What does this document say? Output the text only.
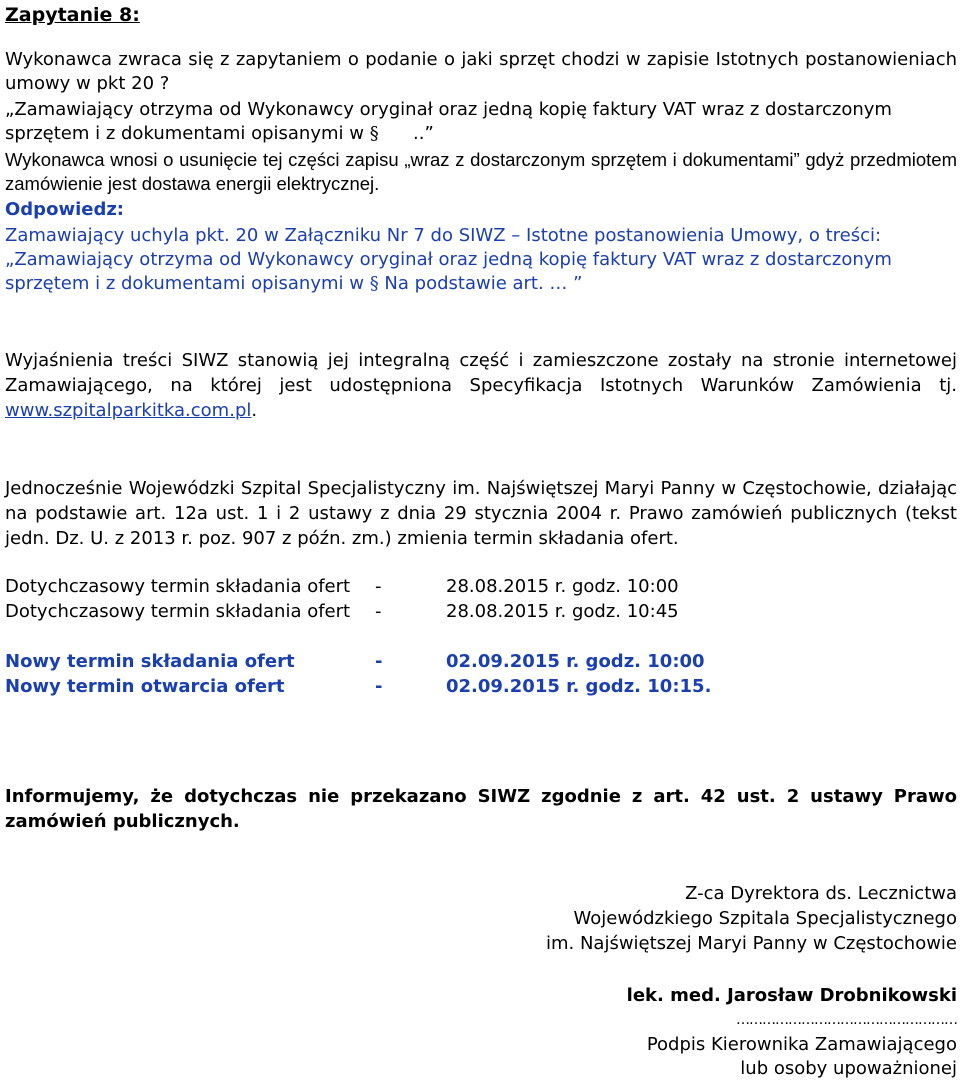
Zapytanie 8:
Wykonawca zwraca się z zapytaniem o podanie o jaki sprzęt chodzi w zapisie Istotnych postanowieniach umowy w pkt 20 ?
„Zamawiający otrzyma od Wykonawcy oryginał oraz jedną kopię faktury VAT wraz z dostarczonym sprzętem i z dokumentami opisanymi w §      ..”
Wykonawca wnosi o usunięcie tej części zapisu „wraz z dostarczonym sprzętem i dokumentami” gdyż przedmiotem zamówienie jest dostawa energii elektrycznej.
Odpowiedz:
Zamawiający uchyla pkt. 20 w Załączniku Nr 7 do SIWZ – Istotne postanowienia Umowy, o treści:
„Zamawiający otrzyma od Wykonawcy oryginał oraz jedną kopię faktury VAT wraz z dostarczonym sprzętem i z dokumentami opisanymi w § Na podstawie art. … ”
Wyjaśnienia treści SIWZ stanowią jej integralną część i zamieszczone zostały na stronie internetowej Zamawiającego, na której jest udostępniona Specyfikacja Istotnych Warunków Zamówienia tj. www.szpitalparkitka.com.pl.
Jednocześnie Wojewódzki Szpital Specjalistyczny im. Najświętszej Maryi Panny w Częstochowie, działając na podstawie art. 12a ust. 1 i 2 ustawy z dnia 29 stycznia 2004 r. Prawo zamówień publicznych (tekst jedn. Dz. U. z 2013 r. poz. 907 z późn. zm.) zmienia termin składania ofert.
Dotychczasowy termin składania ofert -	28.08.2015 r. godz. 10:00
Dotychczasowy termin składania ofert -	28.08.2015 r. godz. 10:45
Nowy termin składania ofert	-	02.09.2015 r. godz. 10:00
Nowy termin otwarcia ofert	-	02.09.2015 r. godz. 10:15.
Informujemy, że dotychczas nie przekazano SIWZ zgodnie z art. 42 ust. 2 ustawy Prawo zamówień publicznych.
Z-ca Dyrektora ds. Lecznictwa
Wojewódzkiego Szpitala Specjalistycznego
im. Najświętszej Maryi Panny w Częstochowie
lek. med. Jarosław Drobnikowski
……………………………………………
Podpis Kierownika Zamawiającego
lub osoby upoważnionej
